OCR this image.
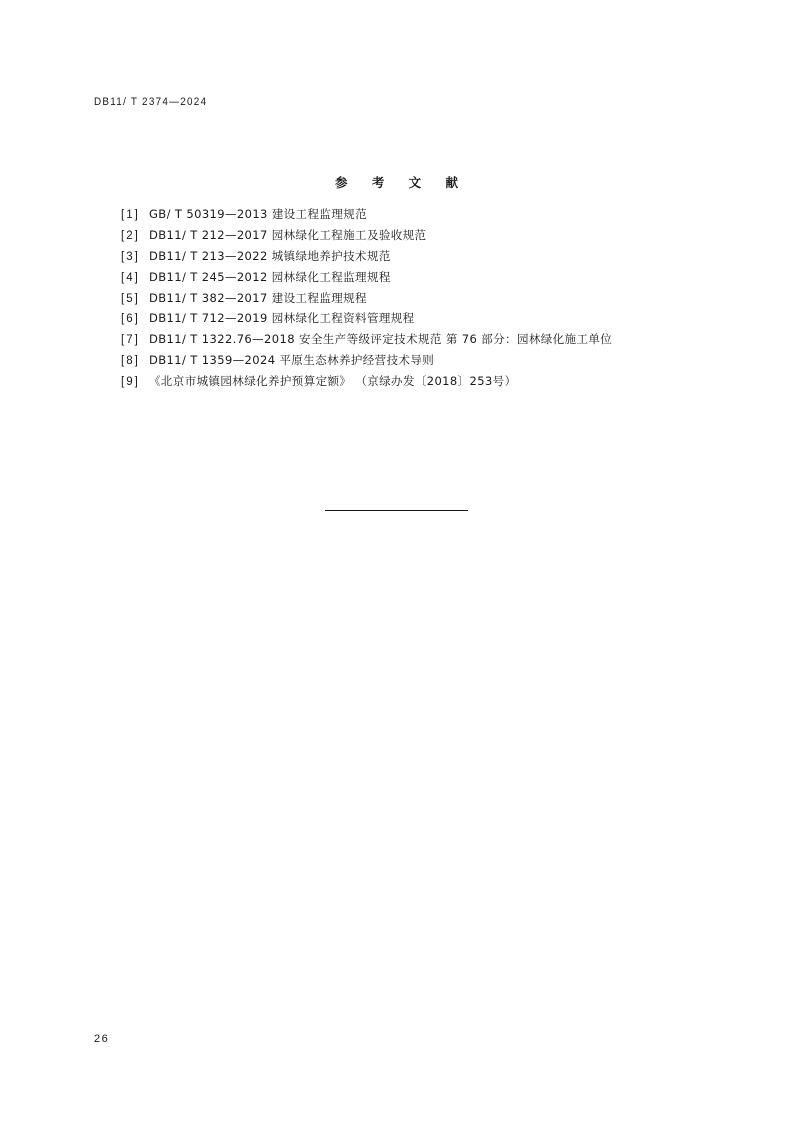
DB11/ T 2374—2024
参 考 文 献
[1] GB/ T 50319—2013 建设工程监理规范
[2] DB11/ T 212—2017 园林绿化工程施工及验收规范
[3] DB11/ T 213—2022 城镇绿地养护技术规范
[4] DB11/ T 245—2012 园林绿化工程监理规程
[5] DB11/ T 382—2017 建设工程监理规程
[6] DB11/ T 712—2019 园林绿化工程资料管理规程
[7] DB11/ T 1322.76—2018 安全生产等级评定技术规范 第 76 部分：园林绿化施工单位
[8] DB11/ T 1359—2024 平原生态林养护经营技术导则
[9] 《北京市城镇园林绿化养护预算定额》 （京绿办发〔2018〕253号）
26
